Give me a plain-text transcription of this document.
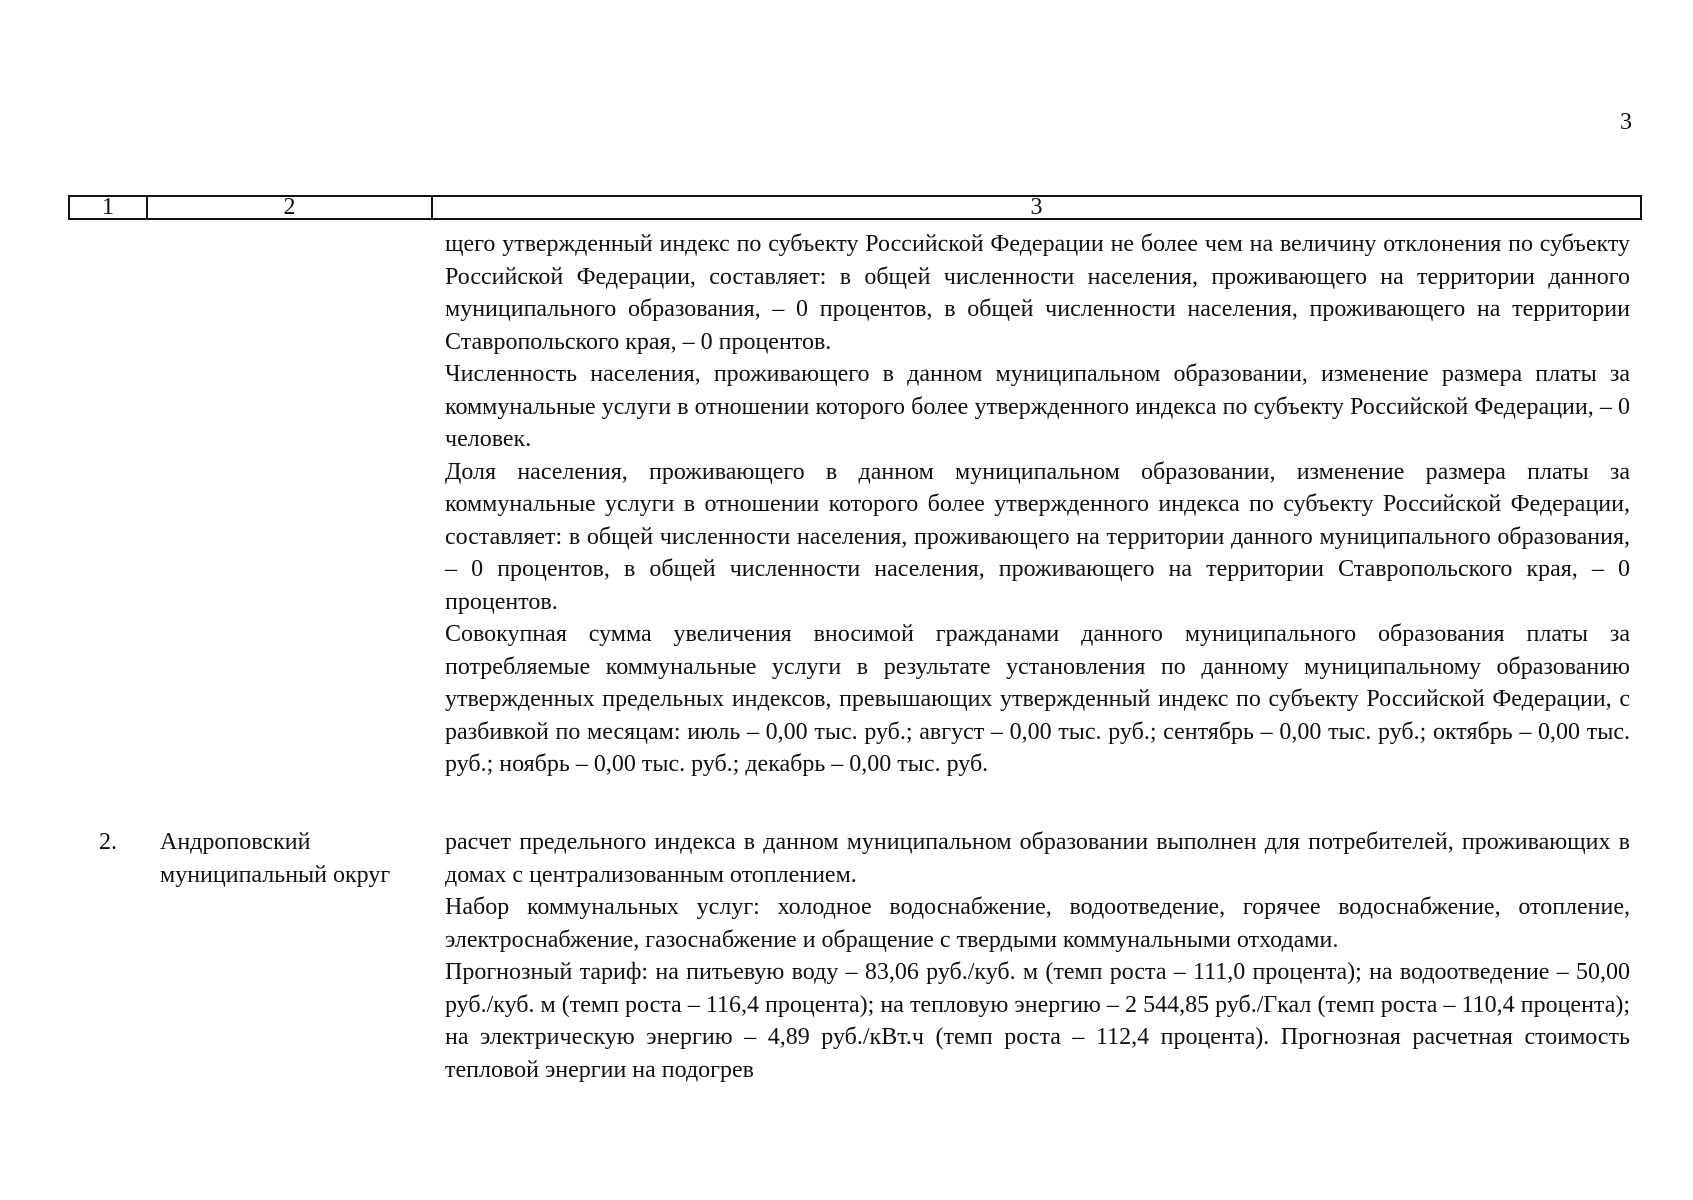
3
1	2	3

щего утвержденный индекс по субъекту Российской Федерации не более чем на величину отклонения по субъекту Российской Федерации, составляет: в общей численности населения, проживающего на территории данного муниципального образования, – 0 процентов, в общей численности населения, проживающего на территории Ставропольского края, – 0 процентов.

Численность населения, проживающего в данном муниципальном образовании, изменение размера платы за коммунальные услуги в отношении которого более утвержденного индекса по субъекту Российской Федерации, – 0 человек.

Доля населения, проживающего в данном муниципальном образовании, изменение размера платы за коммунальные услуги в отношении которого более утвержденного индекса по субъекту Российской Федерации, составляет: в общей численности населения, проживающего на территории данного муниципального образования, – 0 процентов, в общей численности населения, проживающего на территории Ставропольского края, – 0 процентов.

Совокупная сумма увеличения вносимой гражданами данного муниципального образования платы за потребляемые коммунальные услуги в результате установления по данному муниципальному образованию утвержденных предельных индексов, превышающих утвержденный индекс по субъекту Российской Федерации, с разбивкой по месяцам: июль – 0,00 тыс. руб.; август – 0,00 тыс. руб.; сентябрь – 0,00 тыс. руб.; октябрь – 0,00 тыс. руб.; ноябрь – 0,00 тыс. руб.; декабрь – 0,00 тыс. руб.

2. Андроповский муниципальный округ

расчет предельного индекса в данном муниципальном образовании выполнен для потребителей, проживающих в домах с централизованным отоплением.

Набор коммунальных услуг: холодное водоснабжение, водоотведение, горячее водоснабжение, отопление, электроснабжение, газоснабжение и обращение с твердыми коммунальными отходами.

Прогнозный тариф: на питьевую воду – 83,06 руб./куб. м (темп роста – 111,0 процента); на водоотведение – 50,00 руб./куб. м (темп роста – 116,4 процента); на тепловую энергию – 2 544,85 руб./Гкал (темп роста – 110,4 процента); на электрическую энергию – 4,89 руб./кВт.ч (темп роста – 112,4 процента). Прогнозная расчетная стоимость тепловой энергии на подогрев
